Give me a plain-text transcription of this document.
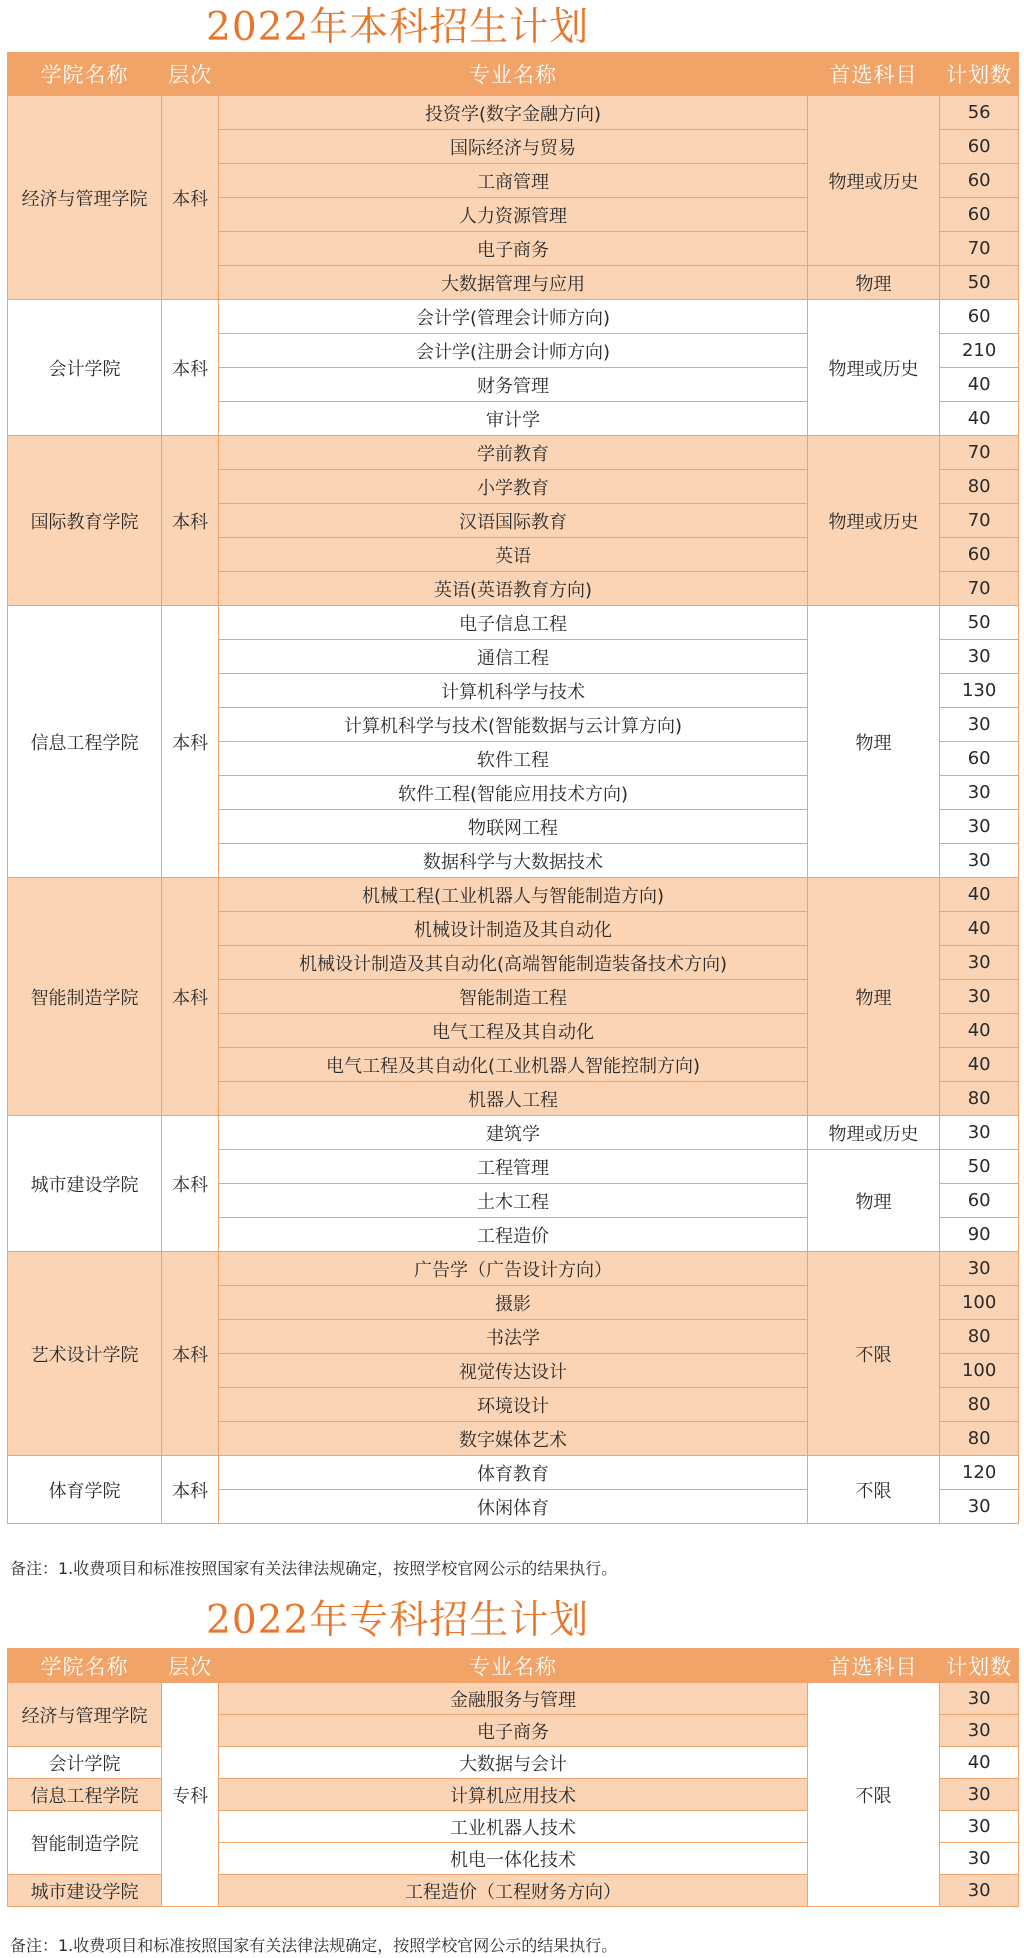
2022年本科招生计划
学院名称	层次	专业名称	首选科目	计划数
经济与管理学院	本科	投资学(数字金融方向)	物理或历史	56
		国际经济与贸易		60
		工商管理		60
		人力资源管理		60
		电子商务		70
		大数据管理与应用	物理	50
会计学院	本科	会计学(管理会计师方向)	物理或历史	60
		会计学(注册会计师方向)		210
		财务管理		40
		审计学		40
国际教育学院	本科	学前教育	物理或历史	70
		小学教育		80
		汉语国际教育		70
		英语		60
		英语(英语教育方向)		70
信息工程学院	本科	电子信息工程	物理	50
		通信工程		30
		计算机科学与技术		130
		计算机科学与技术(智能数据与云计算方向)		30
		软件工程		60
		软件工程(智能应用技术方向)		30
		物联网工程		30
		数据科学与大数据技术		30
智能制造学院	本科	机械工程(工业机器人与智能制造方向)	物理	40
		机械设计制造及其自动化		40
		机械设计制造及其自动化(高端智能制造装备技术方向)		30
		智能制造工程		30
		电气工程及其自动化		40
		电气工程及其自动化(工业机器人智能控制方向)		40
		机器人工程		80
城市建设学院	本科	建筑学	物理或历史	30
		工程管理	物理	50
		土木工程		60
		工程造价		90
艺术设计学院	本科	广告学（广告设计方向）	不限	30
		摄影		100
		书法学		80
		视觉传达设计		100
		环境设计		80
		数字媒体艺术		80
体育学院	本科	体育教育	不限	120
		休闲体育		30
备注：1.收费项目和标准按照国家有关法律法规确定，按照学校官网公示的结果执行。
2022年专科招生计划
学院名称	层次	专业名称	首选科目	计划数
经济与管理学院	专科	金融服务与管理	不限	30
		电子商务		30
会计学院		大数据与会计		40
信息工程学院		计算机应用技术		30
智能制造学院		工业机器人技术		30
		机电一体化技术		30
城市建设学院		工程造价（工程财务方向）		30
备注：1.收费项目和标准按照国家有关法律法规确定，按照学校官网公示的结果执行。
